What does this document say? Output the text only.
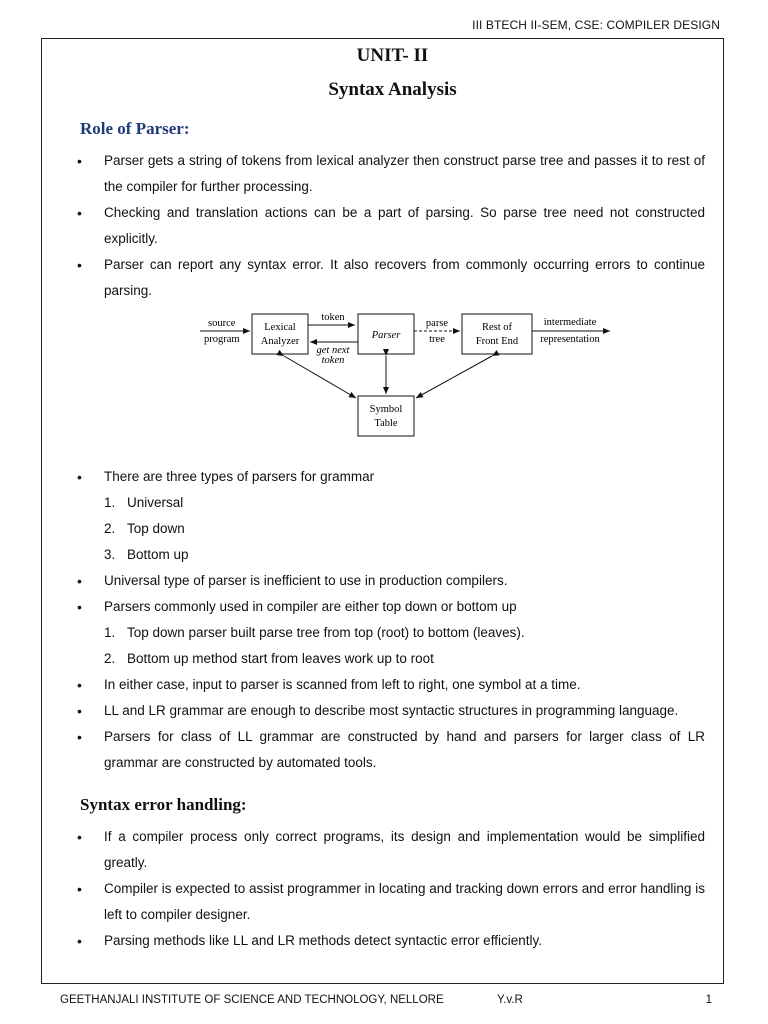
III BTECH II-SEM, CSE: COMPILER DESIGN
UNIT- II
Syntax Analysis
Role of Parser:
• Parser gets a string of tokens from lexical analyzer then construct parse tree and passes it to rest of the compiler for further processing.
• Checking and translation actions can be a part of parsing. So parse tree need not constructed explicitly.
• Parser can report any syntax error. It also recovers from commonly occurring errors to continue parsing.
source
program
Lexical
Analyzer
token
get next
token
Parser
parse
tree
Rest of
Front End
intermediate
representation
Symbol
Table
• There are three types of parsers for grammar
1. Universal
2. Top down
3. Bottom up
• Universal type of parser is inefficient to use in production compilers.
• Parsers commonly used in compiler are either top down or bottom up
1. Top down parser built parse tree from top (root) to bottom (leaves).
2. Bottom up method start from leaves work up to root
• In either case, input to parser is scanned from left to right, one symbol at a time.
• LL and LR grammar are enough to describe most syntactic structures in programming language.
• Parsers for class of LL grammar are constructed by hand and parsers for larger class of LR grammar are constructed by automated tools.
Syntax error handling:
• If a compiler process only correct programs, its design and implementation would be simplified greatly.
• Compiler is expected to assist programmer in locating and tracking down errors and error handling is left to compiler designer.
• Parsing methods like LL and LR methods detect syntactic error efficiently.
GEETHANJALI INSTITUTE OF SCIENCE AND TECHNOLOGY, NELLORE	Y.v.R	1
